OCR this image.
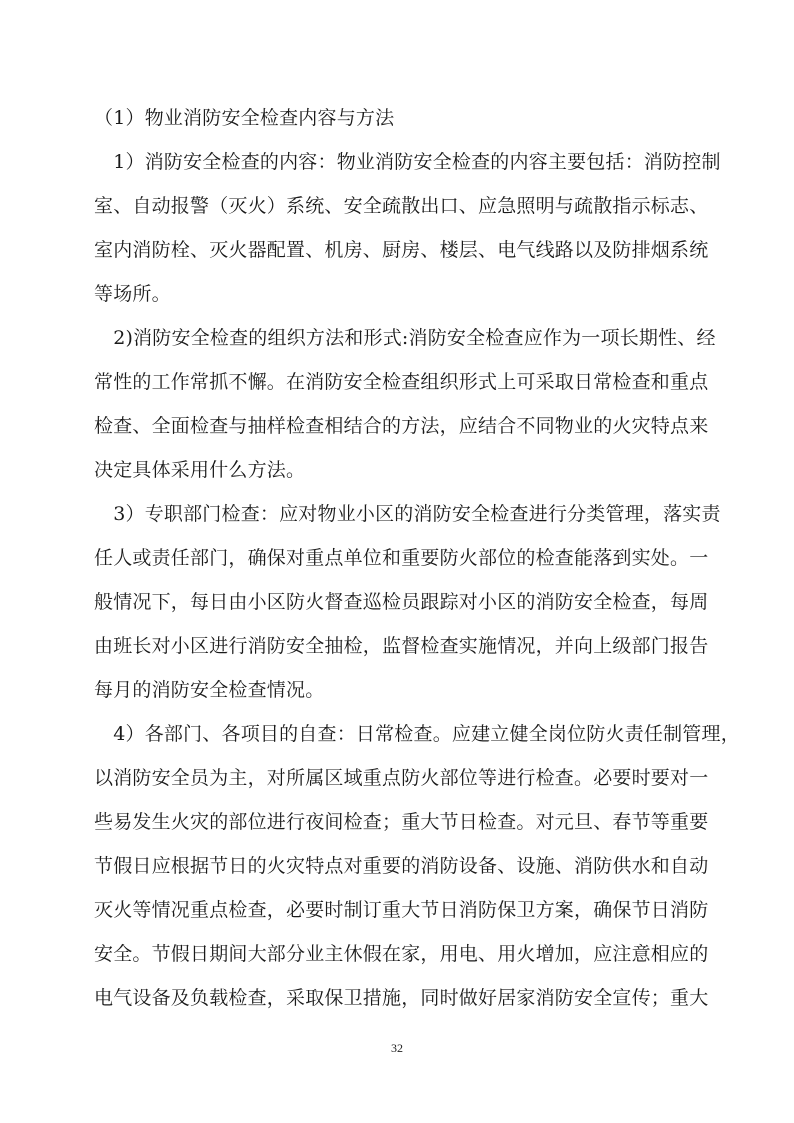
（1）物业消防安全检查内容与方法
　1）消防安全检查的内容：物业消防安全检查的内容主要包括：消防控制
室、自动报警（灭火）系统、安全疏散出口、应急照明与疏散指示标志、
室内消防栓、灭火器配置、机房、厨房、楼层、电气线路以及防排烟系统
等场所。
　2)消防安全检查的组织方法和形式:消防安全检查应作为一项长期性、经
常性的工作常抓不懈。在消防安全检查组织形式上可采取日常检查和重点
检查、全面检查与抽样检查相结合的方法，应结合不同物业的火灾特点来
决定具体采用什么方法。
　3）专职部门检查：应对物业小区的消防安全检查进行分类管理，落实责
任人或责任部门，确保对重点单位和重要防火部位的检查能落到实处。一
般情况下，每日由小区防火督查巡检员跟踪对小区的消防安全检查，每周
由班长对小区进行消防安全抽检，监督检查实施情况，并向上级部门报告
每月的消防安全检查情况。
　4）各部门、各项目的自查：日常检查。应建立健全岗位防火责任制管理，
以消防安全员为主，对所属区域重点防火部位等进行检查。必要时要对一
些易发生火灾的部位进行夜间检查；重大节日检查。对元旦、春节等重要
节假日应根据节日的火灾特点对重要的消防设备、设施、消防供水和自动
灭火等情况重点检查，必要时制订重大节日消防保卫方案，确保节日消防
安全。节假日期间大部分业主休假在家，用电、用火增加，应注意相应的
电气设备及负载检查，采取保卫措施，同时做好居家消防安全宣传；重大
32
